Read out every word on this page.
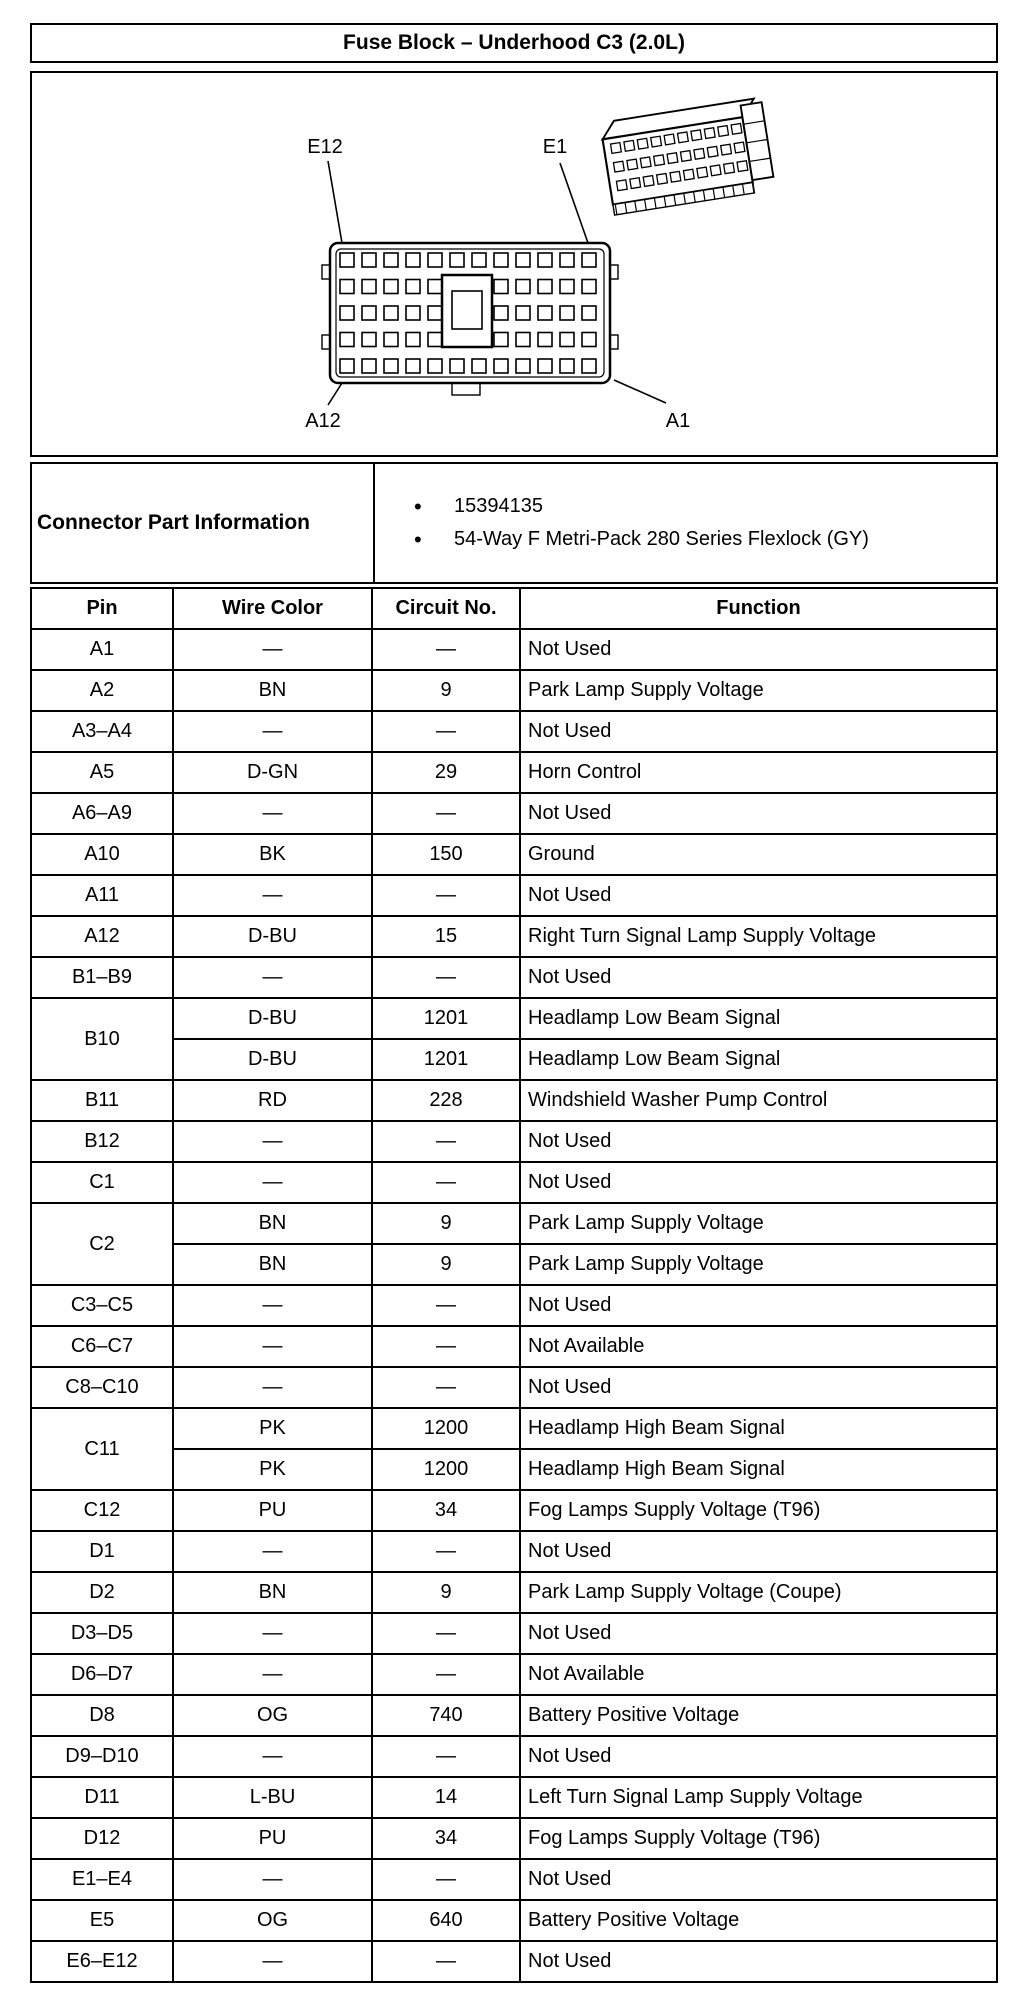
Fuse Block – Underhood C3 (2.0L)
E12	E1
A12	A1
Connector Part Information	
• 15394135
• 54-Way F Metri-Pack 280 Series Flexlock (GY)
Pin	Wire Color	Circuit No.	Function
A1	—	—	Not Used
A2	BN	9	Park Lamp Supply Voltage
A3–A4	—	—	Not Used
A5	D-GN	29	Horn Control
A6–A9	—	—	Not Used
A10	BK	150	Ground
A11	—	—	Not Used
A12	D-BU	15	Right Turn Signal Lamp Supply Voltage
B1–B9	—	—	Not Used
B10	D-BU	1201	Headlamp Low Beam Signal
	D-BU	1201	Headlamp Low Beam Signal
B11	RD	228	Windshield Washer Pump Control
B12	—	—	Not Used
C1	—	—	Not Used
C2	BN	9	Park Lamp Supply Voltage
	BN	9	Park Lamp Supply Voltage
C3–C5	—	—	Not Used
C6–C7	—	—	Not Available
C8–C10	—	—	Not Used
C11	PK	1200	Headlamp High Beam Signal
	PK	1200	Headlamp High Beam Signal
C12	PU	34	Fog Lamps Supply Voltage (T96)
D1	—	—	Not Used
D2	BN	9	Park Lamp Supply Voltage (Coupe)
D3–D5	—	—	Not Used
D6–D7	—	—	Not Available
D8	OG	740	Battery Positive Voltage
D9–D10	—	—	Not Used
D11	L-BU	14	Left Turn Signal Lamp Supply Voltage
D12	PU	34	Fog Lamps Supply Voltage (T96)
E1–E4	—	—	Not Used
E5	OG	640	Battery Positive Voltage
E6–E12	—	—	Not Used
